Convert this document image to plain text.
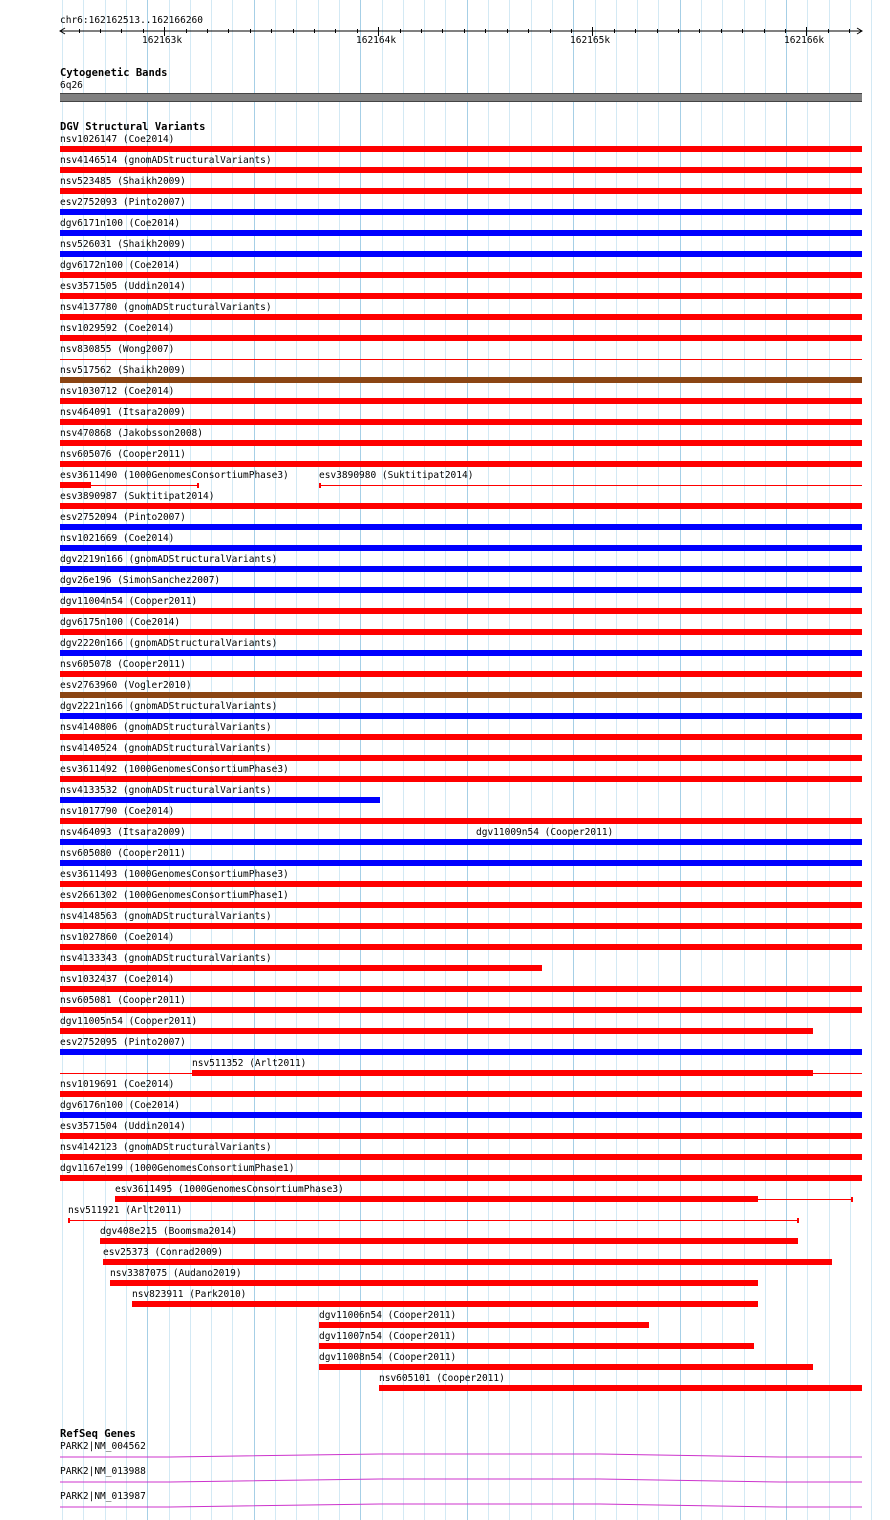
chr6:162162513..162166260
162163k	162164k	162165k	162166k
Cytogenetic Bands
6q26
DGV Structural Variants
nsv1026147 (Coe2014)
nsv4146514 (gnomADStructuralVariants)
nsv523485 (Shaikh2009)
esv2752093 (Pinto2007)
dgv6171n100 (Coe2014)
nsv526031 (Shaikh2009)
dgv6172n100 (Coe2014)
esv3571505 (Uddin2014)
nsv4137780 (gnomADStructuralVariants)
nsv1029592 (Coe2014)
nsv830855 (Wong2007)
nsv517562 (Shaikh2009)
nsv1030712 (Coe2014)
nsv464091 (Itsara2009)
nsv470868 (Jakobsson2008)
nsv605076 (Cooper2011)
esv3611490 (1000GenomesConsortiumPhase3)	esv3890980 (Suktitipat2014)
esv3890987 (Suktitipat2014)
esv2752094 (Pinto2007)
nsv1021669 (Coe2014)
dgv2219n166 (gnomADStructuralVariants)
dgv26e196 (SimonSanchez2007)
dgv11004n54 (Cooper2011)
dgv6175n100 (Coe2014)
dgv2220n166 (gnomADStructuralVariants)
nsv605078 (Cooper2011)
esv2763960 (Vogler2010)
dgv2221n166 (gnomADStructuralVariants)
nsv4140806 (gnomADStructuralVariants)
nsv4140524 (gnomADStructuralVariants)
esv3611492 (1000GenomesConsortiumPhase3)
nsv4133532 (gnomADStructuralVariants)
dgv11009n54 (Cooper2011)
nsv1017790 (Coe2014)
nsv464093 (Itsara2009)
nsv605080 (Cooper2011)
esv3611493 (1000GenomesConsortiumPhase3)
esv2661302 (1000GenomesConsortiumPhase1)
nsv4148563 (gnomADStructuralVariants)
nsv1027860 (Coe2014)
nsv4133343 (gnomADStructuralVariants)
nsv1032437 (Coe2014)
nsv605081 (Cooper2011)
dgv11005n54 (Cooper2011)
esv2752095 (Pinto2007)
nsv511352 (Arlt2011)
nsv1019691 (Coe2014)
dgv6176n100 (Coe2014)
esv3571504 (Uddin2014)
nsv4142123 (gnomADStructuralVariants)
dgv1167e199 (1000GenomesConsortiumPhase1)
esv3611495 (1000GenomesConsortiumPhase3)
nsv511921 (Arlt2011)
dgv408e215 (Boomsma2014)
esv25373 (Conrad2009)
nsv3387075 (Audano2019)
nsv823911 (Park2010)
dgv11006n54 (Cooper2011)
dgv11007n54 (Cooper2011)
dgv11008n54 (Cooper2011)
nsv605101 (Cooper2011)
RefSeq Genes
PARK2|NM_004562
PARK2|NM_013988
PARK2|NM_013987
